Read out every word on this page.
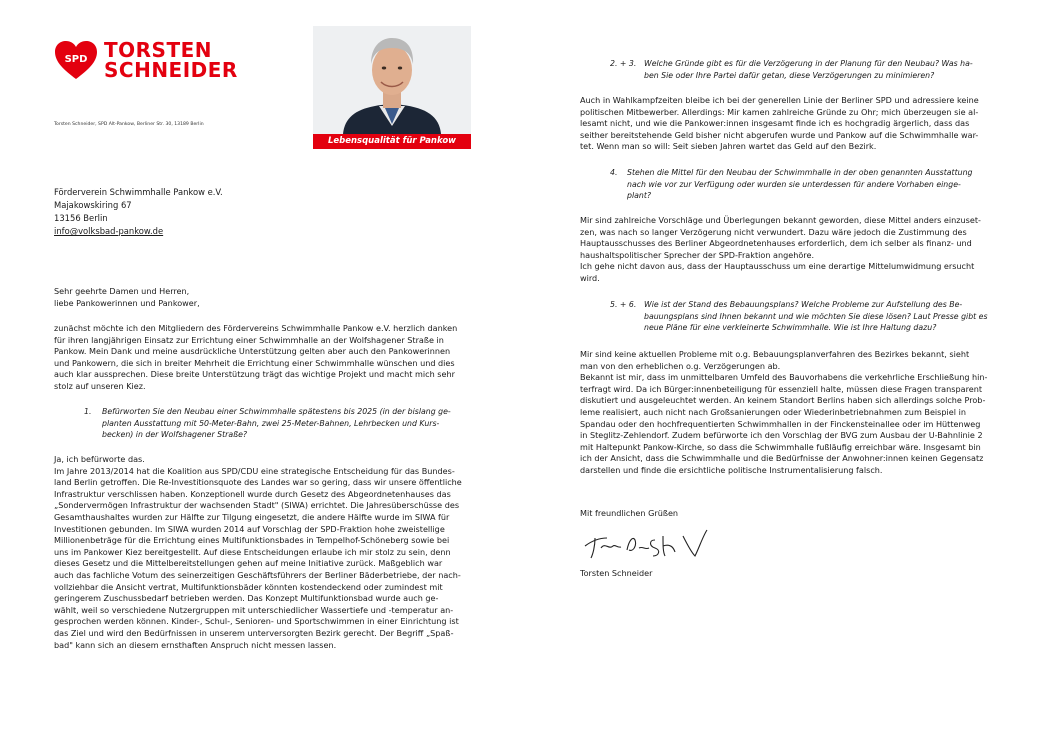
SPD TORSTEN
SCHNEIDER
Torsten Schneider, SPD Alt-Pankow, Berliner Str. 30, 13189 Berlin
Lebensqualität für Pankow
Förderverein Schwimmhalle Pankow e.V.
Majakowskiring 67
13156 Berlin
info@volksbad-pankow.de
Sehr geehrte Damen und Herren,
liebe Pankowerinnen und Pankower,
zunächst möchte ich den Mitgliedern des Fördervereins Schwimmhalle Pankow e.V. herzlich danken
für ihren langjährigen Einsatz zur Errichtung einer Schwimmhalle an der Wolfshagener Straße in
Pankow. Mein Dank und meine ausdrückliche Unterstützung gelten aber auch den Pankowerinnen
und Pankowern, die sich in breiter Mehrheit die Errichtung einer Schwimmhalle wünschen und dies
auch klar aussprechen. Diese breite Unterstützung trägt das wichtige Projekt und macht mich sehr
stolz auf unseren Kiez.
1. Befürworten Sie den Neubau einer Schwimmhalle spätestens bis 2025 (in der bislang ge-
planten Ausstattung mit 50-Meter-Bahn, zwei 25-Meter-Bahnen, Lehrbecken und Kurs-
becken) in der Wolfshagener Straße?
Ja, ich befürworte das.
Im Jahre 2013/2014 hat die Koalition aus SPD/CDU eine strategische Entscheidung für das Bundes-
land Berlin getroffen. Die Re-Investitionsquote des Landes war so gering, dass wir unsere öffentliche
Infrastruktur verschlissen haben. Konzeptionell wurde durch Gesetz des Abgeordnetenhauses das
„Sondervermögen Infrastruktur der wachsenden Stadt" (SIWA) errichtet. Die Jahresüberschüsse des
Gesamthaushaltes wurden zur Hälfte zur Tilgung eingesetzt, die andere Hälfte wurde im SIWA für
Investitionen gebunden. Im SIWA wurden 2014 auf Vorschlag der SPD-Fraktion hohe zweistellige
Millionenbeträge für die Errichtung eines Multifunktionsbades in Tempelhof-Schöneberg sowie bei
uns im Pankower Kiez bereitgestellt. Auf diese Entscheidungen erlaube ich mir stolz zu sein, denn
dieses Gesetz und die Mittelbereitstellungen gehen auf meine Initiative zurück. Maßgeblich war
auch das fachliche Votum des seinerzeitigen Geschäftsführers der Berliner Bäderbetriebe, der nach-
vollziehbar die Ansicht vertrat, Multifunktionsbäder könnten kostendeckend oder zumindest mit
geringerem Zuschussbedarf betrieben werden. Das Konzept Multifunktionsbad wurde auch ge-
wählt, weil so verschiedene Nutzergruppen mit unterschiedlicher Wassertiefe und -temperatur an-
gesprochen werden können. Kinder-, Schul-, Senioren- und Sportschwimmen in einer Einrichtung ist
das Ziel und wird den Bedürfnissen in unserem unterversorgten Bezirk gerecht. Der Begriff „Spaß-
bad" kann sich an diesem ernsthaften Anspruch nicht messen lassen.
2. + 3. Welche Gründe gibt es für die Verzögerung in der Planung für den Neubau? Was ha-
ben Sie oder Ihre Partei dafür getan, diese Verzögerungen zu minimieren?
Auch in Wahlkampfzeiten bleibe ich bei der generellen Linie der Berliner SPD und adressiere keine
politischen Mitbewerber. Allerdings: Mir kamen zahlreiche Gründe zu Ohr; mich überzeugen sie al-
lesamt nicht, und wie die Pankower:innen insgesamt finde ich es hochgradig ärgerlich, dass das
seither bereitstehende Geld bisher nicht abgerufen wurde und Pankow auf die Schwimmhalle war-
tet. Wenn man so will: Seit sieben Jahren wartet das Geld auf den Bezirk.
4. Stehen die Mittel für den Neubau der Schwimmhalle in der oben genannten Ausstattung
nach wie vor zur Verfügung oder wurden sie unterdessen für andere Vorhaben einge-
plant?
Mir sind zahlreiche Vorschläge und Überlegungen bekannt geworden, diese Mittel anders einzuset-
zen, was nach so langer Verzögerung nicht verwundert. Dazu wäre jedoch die Zustimmung des
Hauptausschusses des Berliner Abgeordnetenhauses erforderlich, dem ich selber als finanz- und
haushaltspolitischer Sprecher der SPD-Fraktion angehöre.
Ich gehe nicht davon aus, dass der Hauptausschuss um eine derartige Mittelumwidmung ersucht
wird.
5. + 6. Wie ist der Stand des Bebauungsplans? Welche Probleme zur Aufstellung des Be-
bauungsplans sind Ihnen bekannt und wie möchten Sie diese lösen? Laut Presse gibt es
neue Pläne für eine verkleinerte Schwimmhalle. Wie ist Ihre Haltung dazu?
Mir sind keine aktuellen Probleme mit o.g. Bebauungsplanverfahren des Bezirkes bekannt, sieht
man von den erheblichen o.g. Verzögerungen ab.
Bekannt ist mir, dass im unmittelbaren Umfeld des Bauvorhabens die verkehrliche Erschließung hin-
terfragt wird. Da ich Bürger:innenbeteiligung für essenziell halte, müssen diese Fragen transparent
diskutiert und ausgeleuchtet werden. An keinem Standort Berlins haben sich allerdings solche Prob-
leme realisiert, auch nicht nach Großsanierungen oder Wiederinbetriebnahmen zum Beispiel in
Spandau oder den hochfrequentierten Schwimmhallen in der Finckensteinallee oder im Hüttenweg
in Steglitz-Zehlendorf. Zudem befürworte ich den Vorschlag der BVG zum Ausbau der U-Bahnlinie 2
mit Haltepunkt Pankow-Kirche, so dass die Schwimmhalle fußläufig erreichbar wäre. Insgesamt bin
ich der Ansicht, dass die Schwimmhalle und die Bedürfnisse der Anwohner:innen keinen Gegensatz
darstellen und finde die ersichtliche politische Instrumentalisierung falsch.
Mit freundlichen Grüßen
Torsten Schneider
